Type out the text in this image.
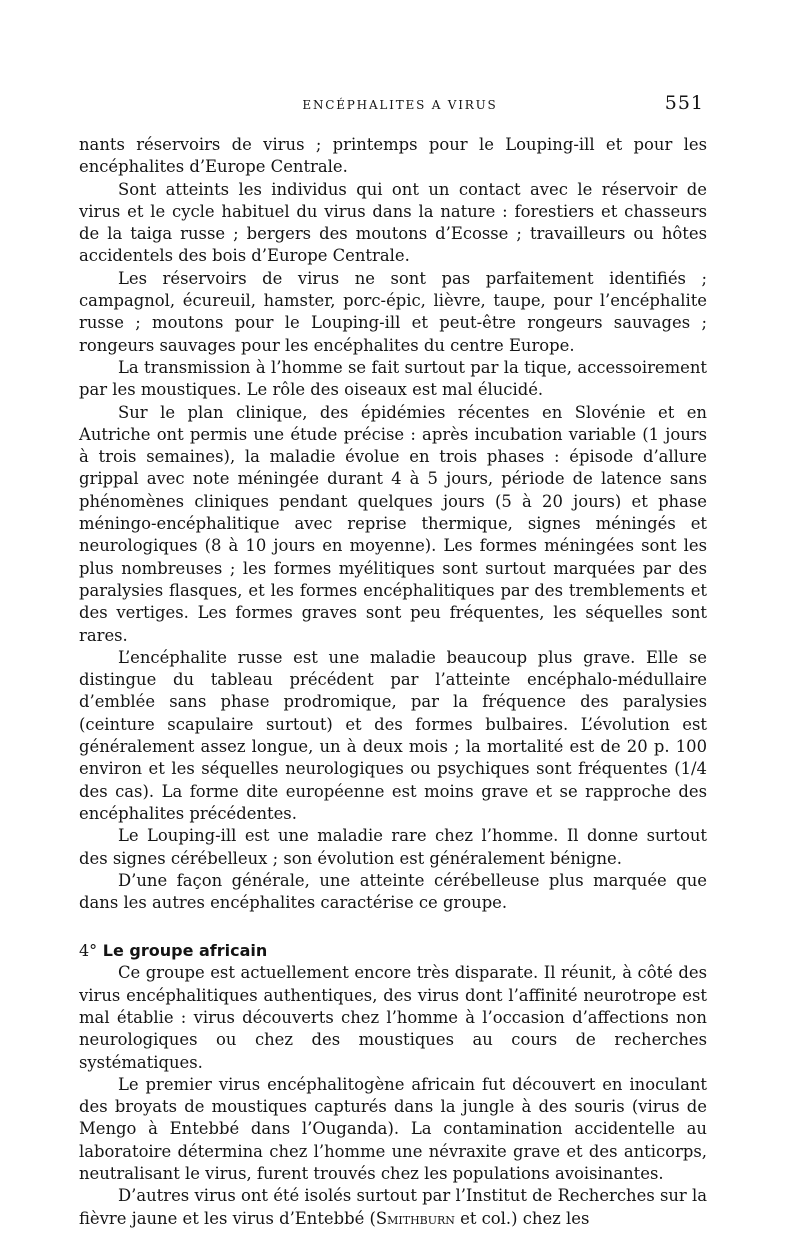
ENCÉPHALITES A VIRUS	551

nants réservoirs de virus ; printemps pour le Louping-ill et pour les encéphalites d’Europe Centrale.

Sont atteints les individus qui ont un contact avec le réservoir de virus et le cycle habituel du virus dans la nature : forestiers et chasseurs de la taiga russe ; bergers des moutons d’Ecosse ; travailleurs ou hôtes accidentels des bois d’Europe Centrale.

Les réservoirs de virus ne sont pas parfaitement identifiés ; campagnol, écureuil, hamster, porc-épic, lièvre, taupe, pour l’encéphalite russe ; moutons pour le Louping-ill et peut-être rongeurs sauvages ; rongeurs sauvages pour les encéphalites du centre Europe.

La transmission à l’homme se fait surtout par la tique, accessoirement par les moustiques. Le rôle des oiseaux est mal élucidé.

Sur le plan clinique, des épidémies récentes en Slovénie et en Autriche ont permis une étude précise : après incubation variable (1 jours à trois semaines), la maladie évolue en trois phases : épisode d’allure grippal avec note méningée durant 4 à 5 jours, période de latence sans phénomènes cliniques pendant quelques jours (5 à 20 jours) et phase méningo-encéphalitique avec reprise thermique, signes méningés et neurologiques (8 à 10 jours en moyenne). Les formes méningées sont les plus nombreuses ; les formes myélitiques sont surtout marquées par des paralysies flasques, et les formes encéphalitiques par des tremblements et des vertiges. Les formes graves sont peu fréquentes, les séquelles sont rares.

L’encéphalite russe est une maladie beaucoup plus grave. Elle se distingue du tableau précédent par l’atteinte encéphalo-médullaire d’emblée sans phase prodromique, par la fréquence des paralysies (ceinture scapulaire surtout) et des formes bulbaires. L’évolution est généralement assez longue, un à deux mois ; la mortalité est de 20 p. 100 environ et les séquelles neurologiques ou psychiques sont fréquentes (1/4 des cas). La forme dite européenne est moins grave et se rapproche des encéphalites précédentes.

Le Louping-ill est une maladie rare chez l’homme. Il donne surtout des signes cérébelleux ; son évolution est généralement bénigne.

D’une façon générale, une atteinte cérébelleuse plus marquée que dans les autres encéphalites caractérise ce groupe.

4° Le groupe africain

Ce groupe est actuellement encore très disparate. Il réunit, à côté des virus encéphalitiques authentiques, des virus dont l’affinité neurotrope est mal établie : virus découverts chez l’homme à l’occasion d’affections non neurologiques ou chez des moustiques au cours de recherches systématiques.

Le premier virus encéphalitogène africain fut découvert en inoculant des broyats de moustiques capturés dans la jungle à des souris (virus de Mengo à Entebbé dans l’Ouganda). La contamination accidentelle au laboratoire détermina chez l’homme une névraxite grave et des anticorps, neutralisant le virus, furent trouvés chez les populations avoisinantes.

D’autres virus ont été isolés surtout par l’Institut de Recherches sur la fièvre jaune et les virus d’Entebbé (Smithburn et col.) chez les
